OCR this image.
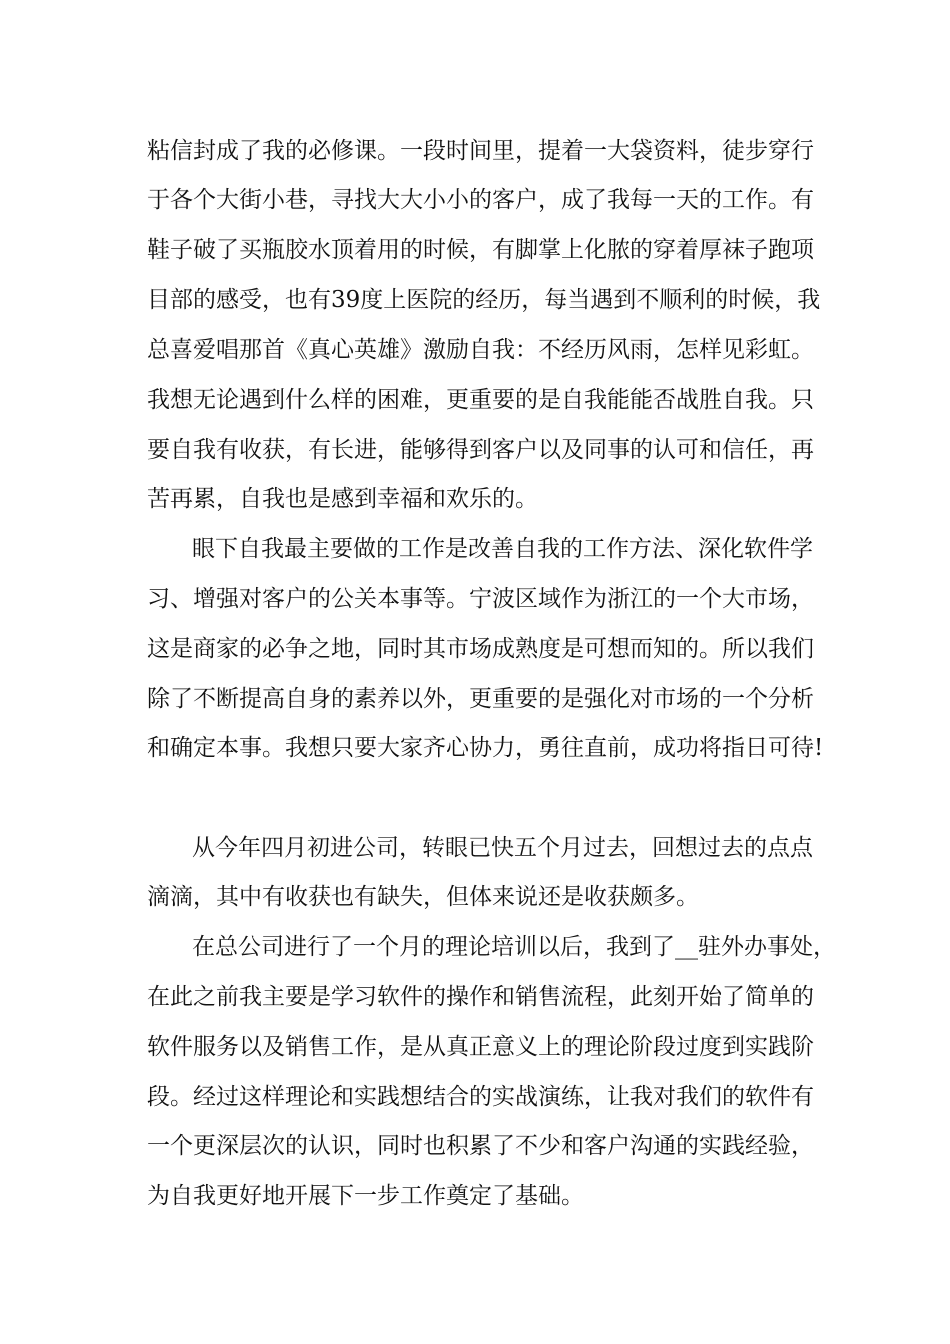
粘信封成了我的必修课。一段时间里，提着一大袋资料，徒步穿行
于各个大街小巷，寻找大大小小的客户，成了我每一天的工作。有
鞋子破了买瓶胶水顶着用的时候，有脚掌上化脓的穿着厚袜子跑项
目部的感受，也有39度上医院的经历，每当遇到不顺利的时候，我
总喜爱唱那首《真心英雄》激励自我：不经历风雨，怎样见彩虹。
我想无论遇到什么样的困难，更重要的是自我能能否战胜自我。只
要自我有收获，有长进，能够得到客户以及同事的认可和信任，再
苦再累，自我也是感到幸福和欢乐的。
眼下自我最主要做的工作是改善自我的工作方法、深化软件学
习、增强对客户的公关本事等。宁波区域作为浙江的一个大市场，
这是商家的必争之地，同时其市场成熟度是可想而知的。所以我们
除了不断提高自身的素养以外，更重要的是强化对市场的一个分析
和确定本事。我想只要大家齐心协力，勇往直前，成功将指日可待!
从今年四月初进公司，转眼已快五个月过去，回想过去的点点
滴滴，其中有收获也有缺失，但体来说还是收获颇多。
在总公司进行了一个月的理论培训以后，我到了__驻外办事处，
在此之前我主要是学习软件的操作和销售流程，此刻开始了简单的
软件服务以及销售工作，是从真正意义上的理论阶段过度到实践阶
段。经过这样理论和实践想结合的实战演练，让我对我们的软件有
一个更深层次的认识，同时也积累了不少和客户沟通的实践经验，
为自我更好地开展下一步工作奠定了基础。
